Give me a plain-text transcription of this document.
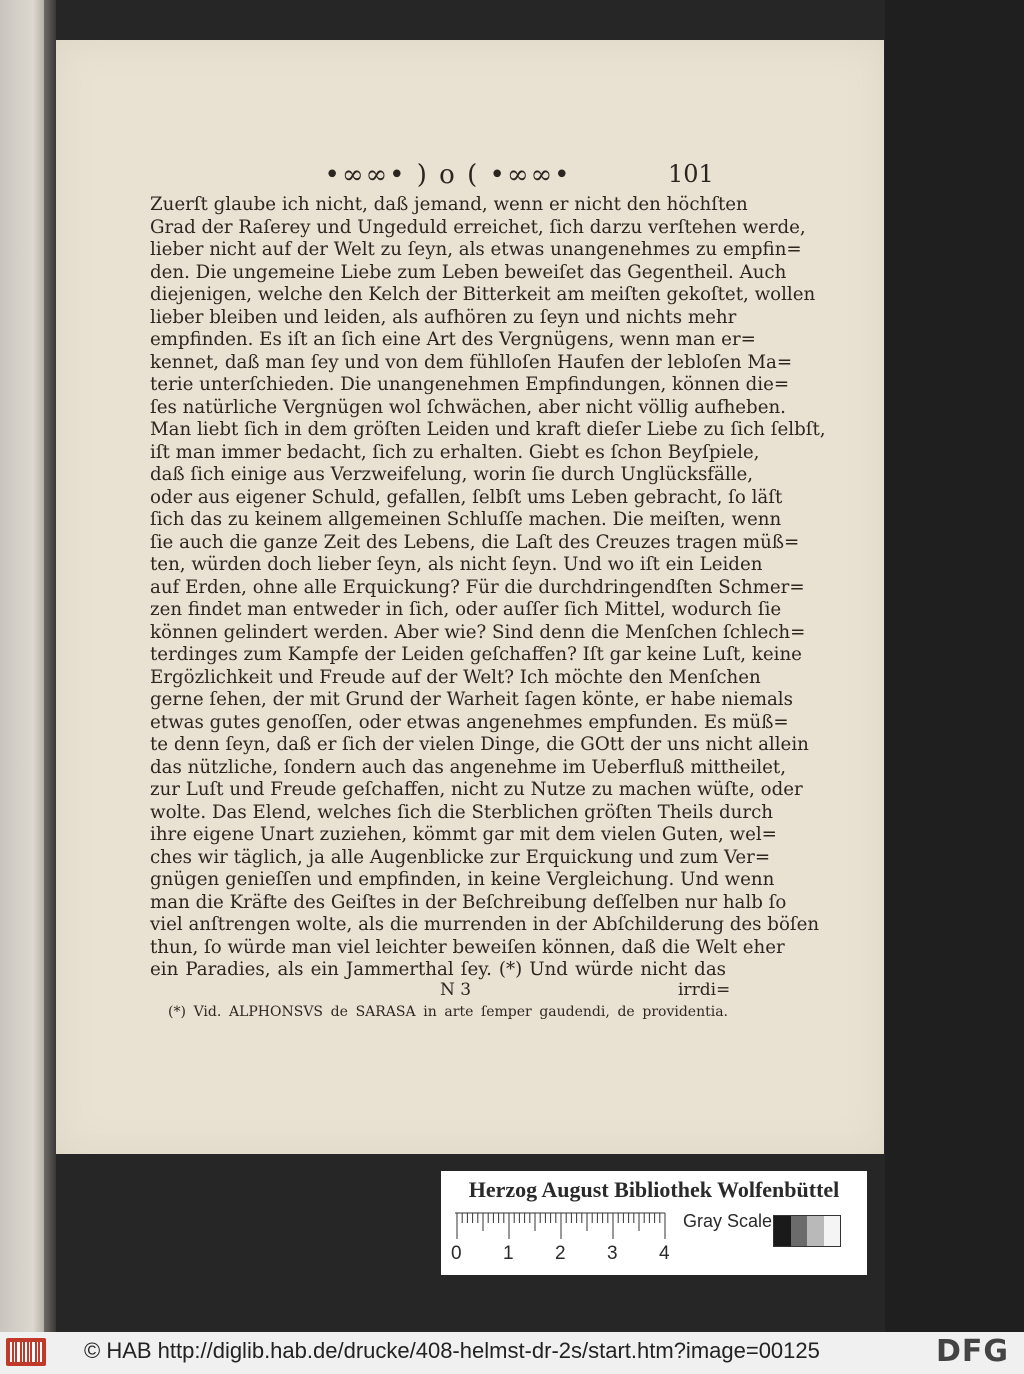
•∞∞• ) o ( •∞∞•	101
Zuerſt glaube ich nicht, daß jemand, wenn er nicht den höchſten
Grad der Raſerey und Ungeduld erreichet, ſich darzu verſtehen werde,
lieber nicht auf der Welt zu ſeyn, als etwas unangenehmes zu empfin=
den. Die ungemeine Liebe zum Leben beweiſet das Gegentheil. Auch
diejenigen, welche den Kelch der Bitterkeit am meiſten gekoſtet, wollen
lieber bleiben und leiden, als aufhören zu ſeyn und nichts mehr
empfinden. Es iſt an ſich eine Art des Vergnügens, wenn man er=
kennet, daß man ſey und von dem fühlloſen Haufen der lebloſen Ma=
terie unterſchieden. Die unangenehmen Empfindungen, können die=
ſes natürliche Vergnügen wol ſchwächen, aber nicht völlig aufheben.
Man liebt ſich in dem gröſten Leiden und kraft dieſer Liebe zu ſich ſelbſt,
iſt man immer bedacht, ſich zu erhalten. Giebt es ſchon Beyſpiele,
daß ſich einige aus Verzweifelung, worin ſie durch Unglücksfälle,
oder aus eigener Schuld, gefallen, ſelbſt ums Leben gebracht, ſo läſt
ſich das zu keinem allgemeinen Schluſſe machen. Die meiſten, wenn
ſie auch die ganze Zeit des Lebens, die Laſt des Creuzes tragen müß=
ten, würden doch lieber ſeyn, als nicht ſeyn. Und wo iſt ein Leiden
auf Erden, ohne alle Erquickung? Für die durchdringendſten Schmer=
zen findet man entweder in ſich, oder auſſer ſich Mittel, wodurch ſie
können gelindert werden. Aber wie? Sind denn die Menſchen ſchlech=
terdinges zum Kampfe der Leiden geſchaffen? Iſt gar keine Luſt, keine
Ergözlichkeit und Freude auf der Welt? Ich möchte den Menſchen
gerne ſehen, der mit Grund der Warheit ſagen könte, er habe niemals
etwas gutes genoſſen, oder etwas angenehmes empfunden. Es müß=
te denn ſeyn, daß er ſich der vielen Dinge, die GOtt der uns nicht allein
das nützliche, ſondern auch das angenehme im Ueberfluß mittheilet,
zur Luſt und Freude geſchaffen, nicht zu Nutze zu machen wüſte, oder
wolte. Das Elend, welches ſich die Sterblichen gröſten Theils durch
ihre eigene Unart zuziehen, kömmt gar mit dem vielen Guten, wel=
ches wir täglich, ja alle Augenblicke zur Erquickung und zum Ver=
gnügen genieſſen und empfinden, in keine Vergleichung. Und wenn
man die Kräfte des Geiſtes in der Beſchreibung deſſelben nur halb ſo
viel anſtrengen wolte, als die murrenden in der Abſchilderung des böſen
thun, ſo würde man viel leichter beweiſen können, daß die Welt eher
ein Paradies, als ein Jammerthal ſey. (*) Und würde nicht das
N 3	irrdi=
(*) Vid. ALPHONSVS de SARASA in arte ſemper gaudendi, de providentia.
Herzog August Bibliothek Wolfenbüttel
0 1 2 3 4
Gray Scale
© HAB http://diglib.hab.de/drucke/408-helmst-dr-2s/start.htm?image=00125	DFG
